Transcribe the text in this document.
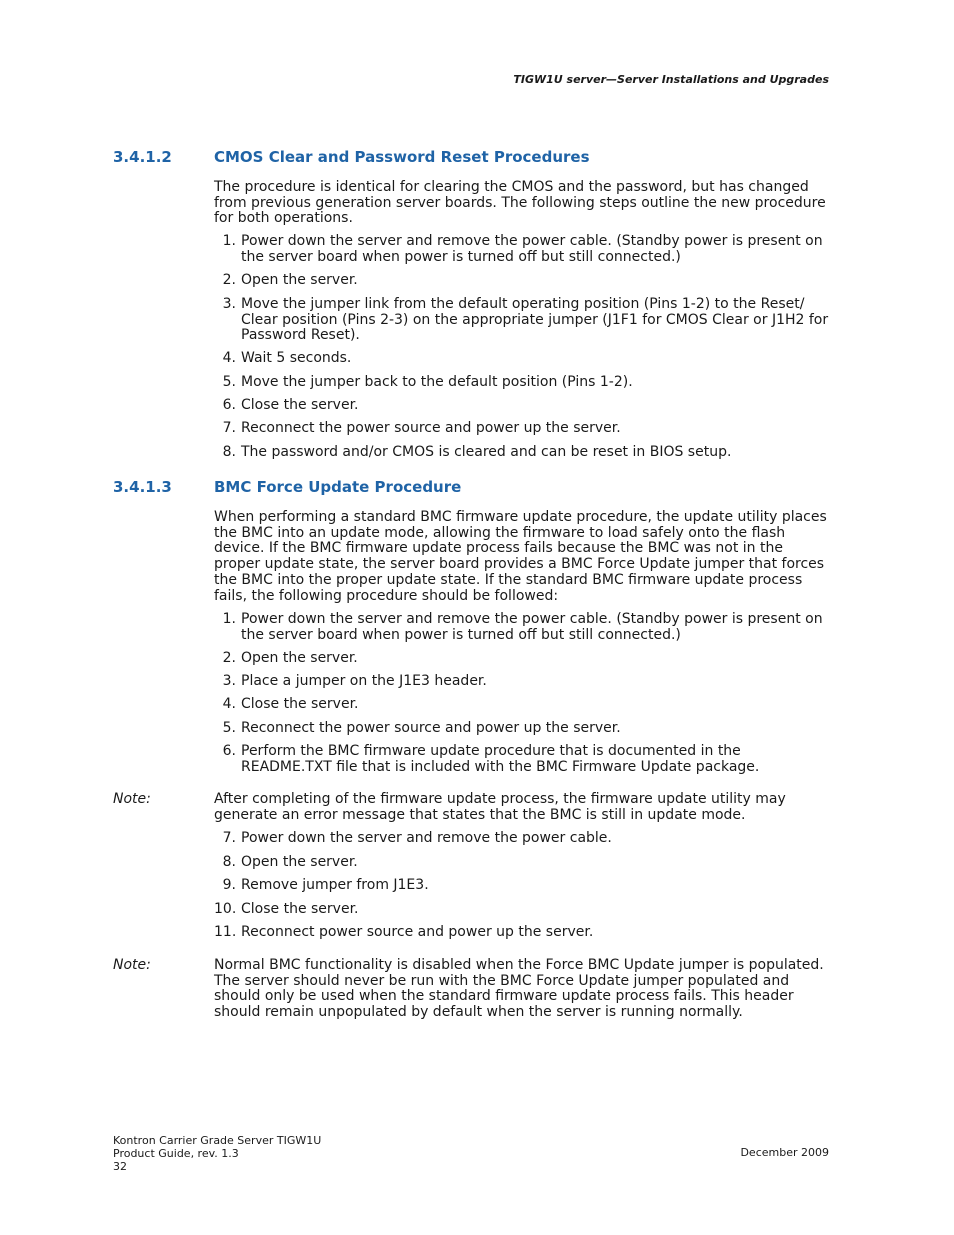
TIGW1U server—Server Installations and Upgrades
3.4.1.2	CMOS Clear and Password Reset Procedures
The procedure is identical for clearing the CMOS and the password, but has changed from previous generation server boards. The following steps outline the new procedure for both operations.
1. Power down the server and remove the power cable. (Standby power is present on the server board when power is turned off but still connected.)
2. Open the server.
3. Move the jumper link from the default operating position (Pins 1-2) to the Reset/ Clear position (Pins 2-3) on the appropriate jumper (J1F1 for CMOS Clear or J1H2 for Password Reset).
4. Wait 5 seconds.
5. Move the jumper back to the default position (Pins 1-2).
6. Close the server.
7. Reconnect the power source and power up the server.
8. The password and/or CMOS is cleared and can be reset in BIOS setup.
3.4.1.3	BMC Force Update Procedure
When performing a standard BMC firmware update procedure, the update utility places the BMC into an update mode, allowing the firmware to load safely onto the flash device. If the BMC firmware update process fails because the BMC was not in the proper update state, the server board provides a BMC Force Update jumper that forces the BMC into the proper update state. If the standard BMC firmware update process fails, the following procedure should be followed:
1. Power down the server and remove the power cable. (Standby power is present on the server board when power is turned off but still connected.)
2. Open the server.
3. Place a jumper on the J1E3 header.
4. Close the server.
5. Reconnect the power source and power up the server.
6. Perform the BMC firmware update procedure that is documented in the README.TXT file that is included with the BMC Firmware Update package.
Note:	After completing of the firmware update process, the firmware update utility may generate an error message that states that the BMC is still in update mode.
7. Power down the server and remove the power cable.
8. Open the server.
9. Remove jumper from J1E3.
10. Close the server.
11. Reconnect power source and power up the server.
Note:	Normal BMC functionality is disabled when the Force BMC Update jumper is populated. The server should never be run with the BMC Force Update jumper populated and should only be used when the standard firmware update process fails. This header should remain unpopulated by default when the server is running normally.
Kontron Carrier Grade Server TIGW1U
Product Guide, rev. 1.3
32
December 2009
